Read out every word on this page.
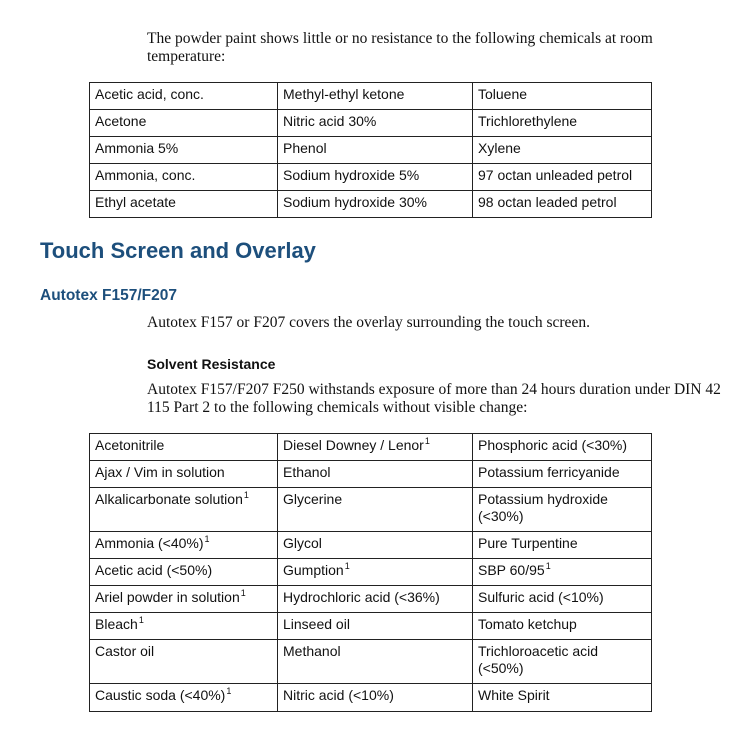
The powder paint shows little or no resistance to the following chemicals at room temperature:
Acetic acid, conc.	Methyl-ethyl ketone	Toluene
Acetone	Nitric acid 30%	Trichlorethylene
Ammonia 5%	Phenol	Xylene
Ammonia, conc.	Sodium hydroxide 5%	97 octan unleaded petrol
Ethyl acetate	Sodium hydroxide 30%	98 octan leaded petrol
Touch Screen and Overlay
Autotex F157/F207
Autotex F157 or F207 covers the overlay surrounding the touch screen.
Solvent Resistance
Autotex F157/F207 F250 withstands exposure of more than 24 hours duration under DIN 42 115 Part 2 to the following chemicals without visible change:
Acetonitrile	Diesel Downey / Lenor$^1$	Phosphoric acid (<30%)
Ajax / Vim in solution	Ethanol	Potassium ferricyanide
Alkalicarbonate solution$^1$	Glycerine	Potassium hydroxide (<30%)
Ammonia (<40%)$^1$	Glycol	Pure Turpentine
Acetic acid (<50%)	Gumption$^1$	SBP $60/95^1$
Ariel powder in solution$^1$	Hydrochloric acid (<36%)	Sulfuric acid (<10%)
Bleach$^1$	Linseed oil	Tomato ketchup
Castor oil	Methanol	Trichloroacetic acid (<50%)
Caustic soda (<40%)$^1$	Nitric acid (<10%)	White Spirit
